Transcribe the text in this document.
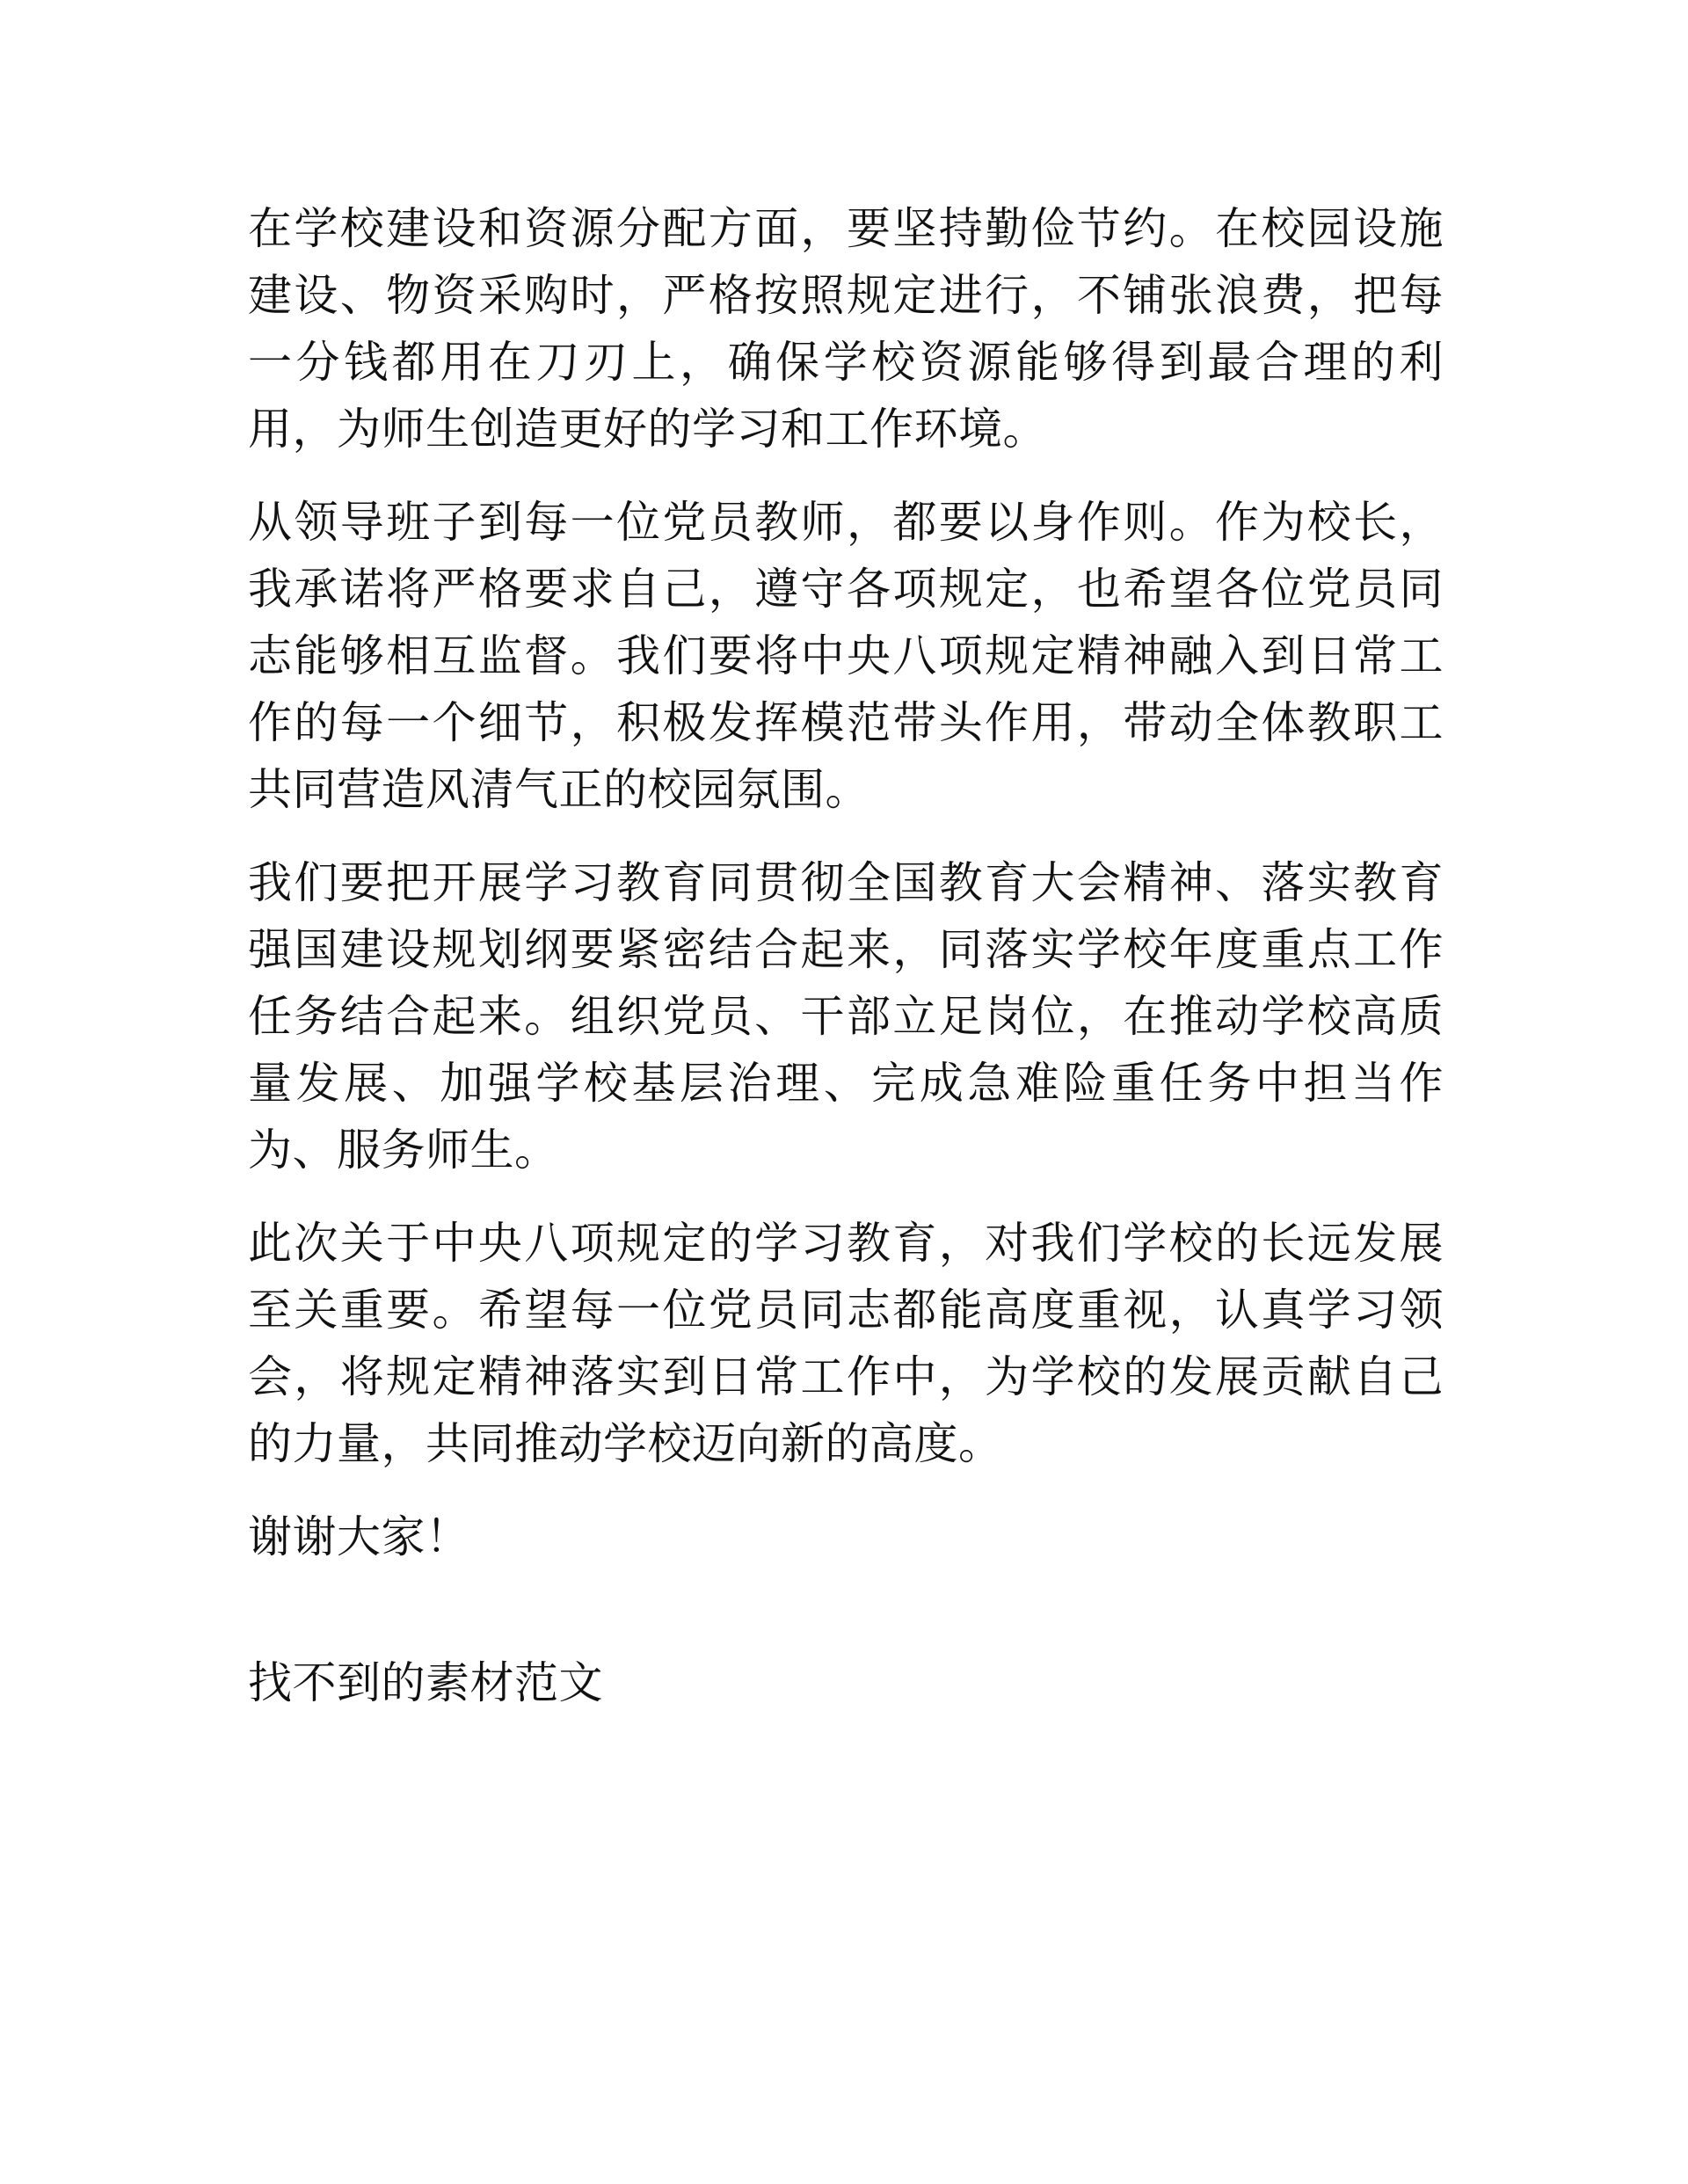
在学校建设和资源分配方面，要坚持勤俭节约。在校园设施建设、物资采购时，严格按照规定进行，不铺张浪费，把每一分钱都用在刀刃上，确保学校资源能够得到最合理的利用，为师生创造更好的学习和工作环境。

从领导班子到每一位党员教师，都要以身作则。作为校长，我承诺将严格要求自己，遵守各项规定，也希望各位党员同志能够相互监督。我们要将中央八项规定精神融入到日常工作的每一个细节，积极发挥模范带头作用，带动全体教职工共同营造风清气正的校园氛围。

我们要把开展学习教育同贯彻全国教育大会精神、落实教育强国建设规划纲要紧密结合起来，同落实学校年度重点工作任务结合起来。组织党员、干部立足岗位，在推动学校高质量发展、加强学校基层治理、完成急难险重任务中担当作为、服务师生。

此次关于中央八项规定的学习教育，对我们学校的长远发展至关重要。希望每一位党员同志都能高度重视，认真学习领会，将规定精神落实到日常工作中，为学校的发展贡献自己的力量，共同推动学校迈向新的高度。

谢谢大家！

找不到的素材范文
